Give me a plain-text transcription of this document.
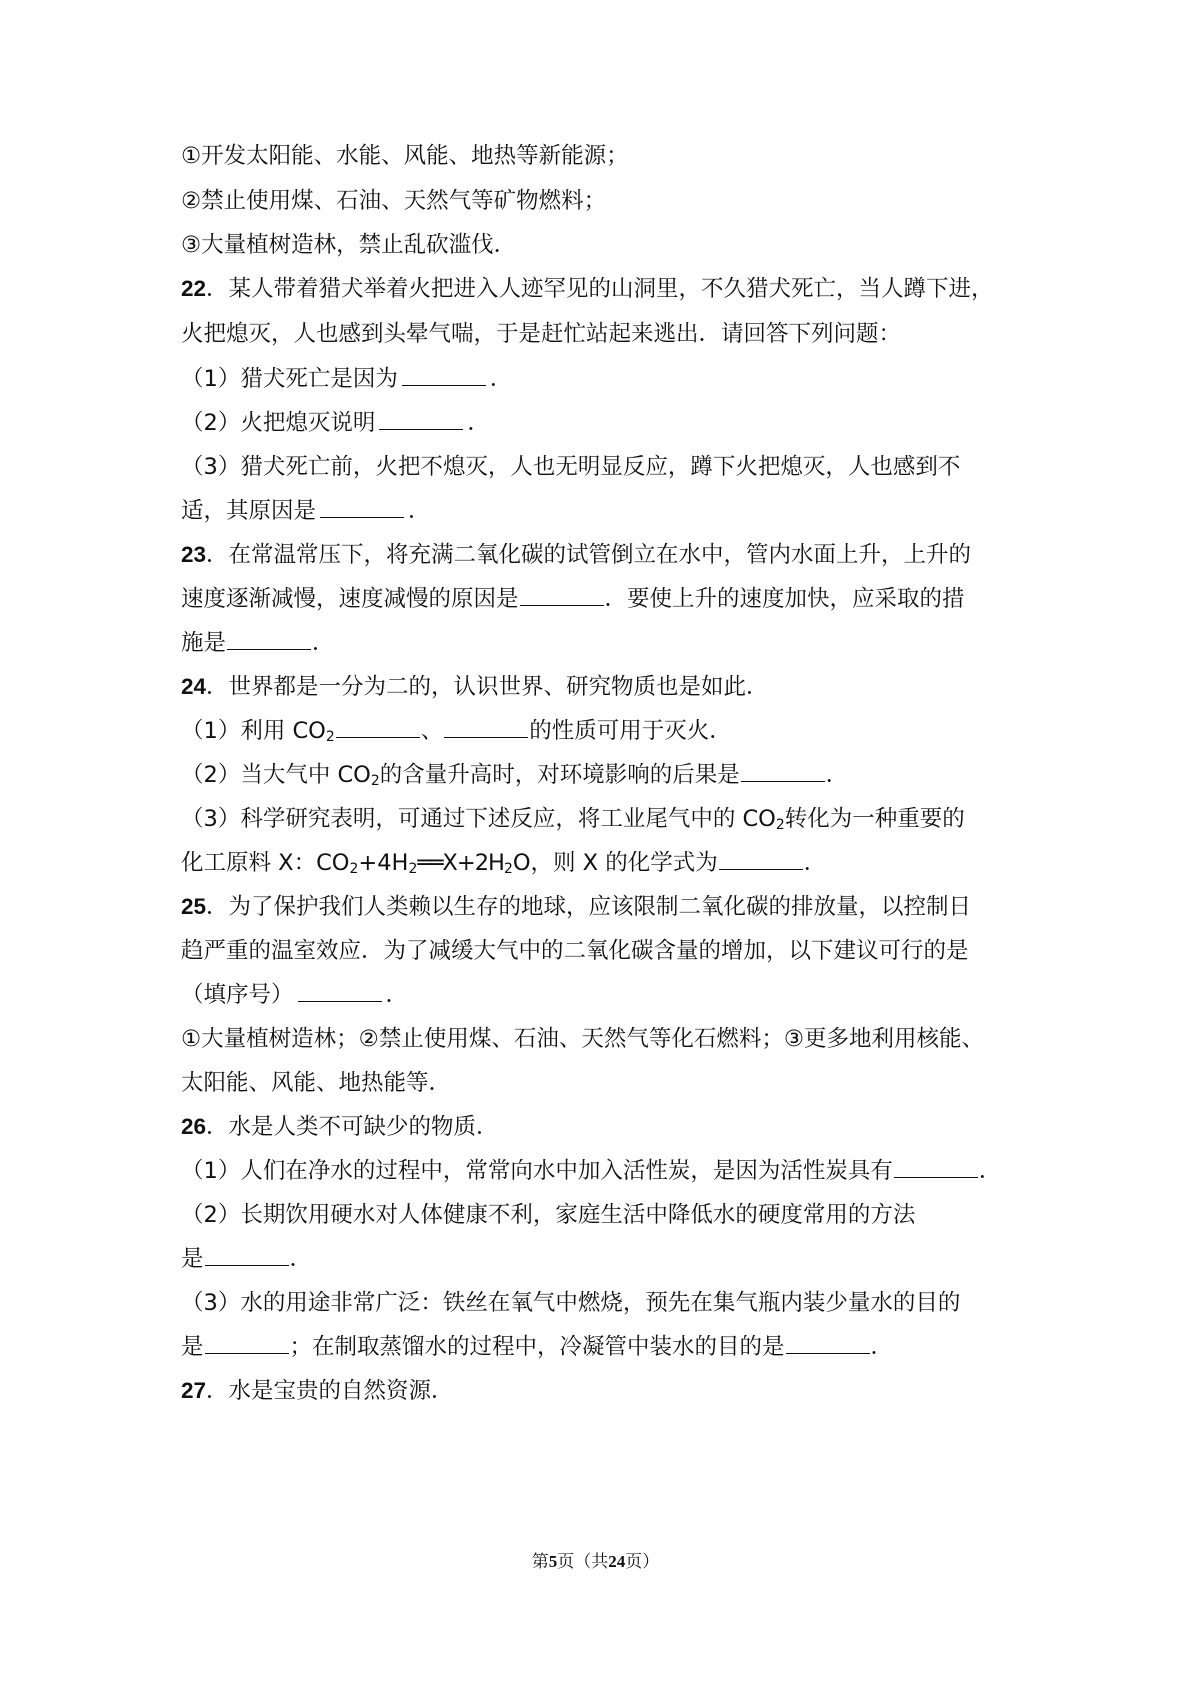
①开发太阳能、水能、风能、地热等新能源；
②禁止使用煤、石油、天然气等矿物燃料；
③大量植树造林，禁止乱砍滥伐．
22．某人带着猎犬举着火把进入人迹罕见的山洞里，不久猎犬死亡，当人蹲下进，
火把熄灭，人也感到头晕气喘，于是赶忙站起来逃出．请回答下列问题：
（1）猎犬死亡是因为	．
（2）火把熄灭说明	．
（3）猎犬死亡前，火把不熄灭，人也无明显反应，蹲下火把熄灭，人也感到不
适，其原因是	．
23．在常温常压下，将充满二氧化碳的试管倒立在水中，管内水面上升，上升的
速度逐渐减慢，速度减慢的原因是	．要使上升的速度加快，应采取的措
施是	．
24．世界都是一分为二的，认识世界、研究物质也是如此．
（1）利用 $CO_2$	、	的性质可用于灭火．
（2）当大气中 $CO_2$的含量升高时，对环境影响的后果是	．
（3）科学研究表明，可通过下述反应，将工业尾气中的 $CO_2$转化为一种重要的
化工原料 X：$CO_2+4H_2══X+2H_2O$，则 X 的化学式为	．
25．为了保护我们人类赖以生存的地球，应该限制二氧化碳的排放量，以控制日
趋严重的温室效应．为了减缓大气中的二氧化碳含量的增加，以下建议可行的是
（填序号）	．
①大量植树造林；②禁止使用煤、石油、天然气等化石燃料；③更多地利用核能、
太阳能、风能、地热能等．
26．水是人类不可缺少的物质．
（1）人们在净水的过程中，常常向水中加入活性炭，是因为活性炭具有	．
（2）长期饮用硬水对人体健康不利，家庭生活中降低水的硬度常用的方法
是	．
（3）水的用途非常广泛：铁丝在氧气中燃烧，预先在集气瓶内装少量水的目的
是	；在制取蒸馏水的过程中，冷凝管中装水的目的是	．
27．水是宝贵的自然资源．
第5页（共24页）
